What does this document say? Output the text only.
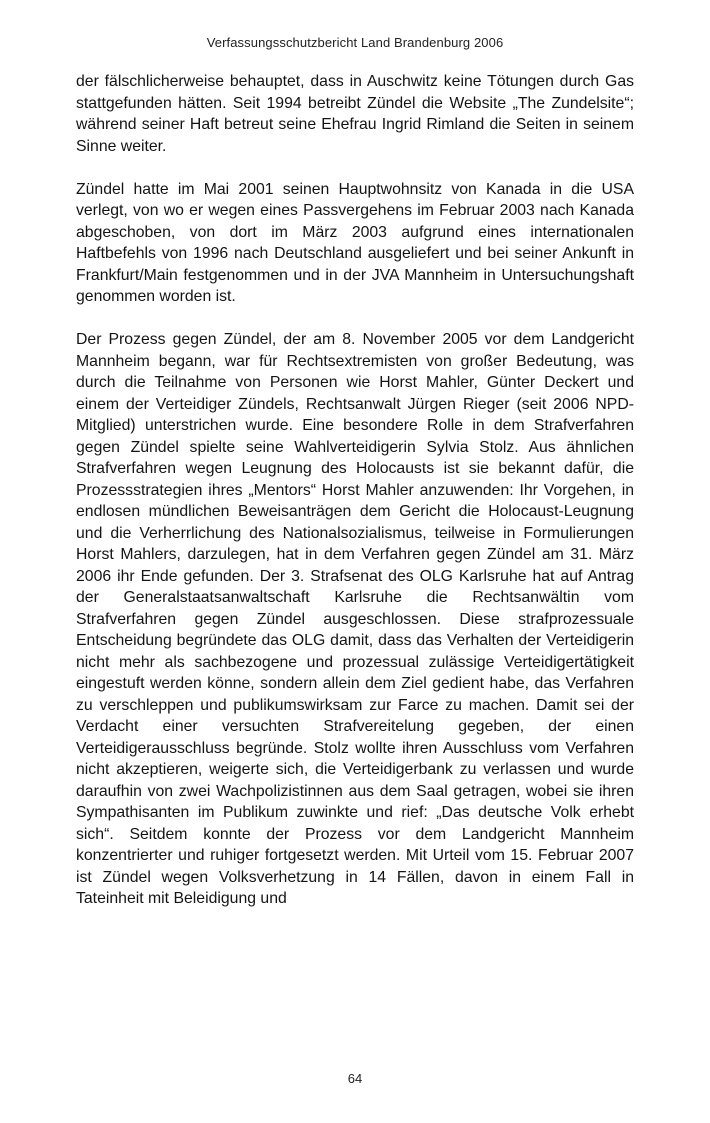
Verfassungsschutzbericht Land Brandenburg 2006

der fälschlicherweise behauptet, dass in Auschwitz keine Tötungen durch Gas stattgefunden hätten. Seit 1994 betreibt Zündel die Website „The Zundelsite“; während seiner Haft betreut seine Ehefrau Ingrid Rimland die Seiten in seinem Sinne weiter.

Zündel hatte im Mai 2001 seinen Hauptwohnsitz von Kanada in die USA verlegt, von wo er wegen eines Passvergehens im Februar 2003 nach Kanada abgeschoben, von dort im März 2003 aufgrund eines internationalen Haftbefehls von 1996 nach Deutschland ausgeliefert und bei seiner Ankunft in Frankfurt/Main festgenommen und in der JVA Mannheim in Untersuchungshaft genommen worden ist.

Der Prozess gegen Zündel, der am 8. November 2005 vor dem Landgericht Mannheim begann, war für Rechtsextremisten von großer Bedeutung, was durch die Teilnahme von Personen wie Horst Mahler, Günter Deckert und einem der Verteidiger Zündels, Rechtsanwalt Jürgen Rieger (seit 2006 NPD-Mitglied) unterstrichen wurde. Eine besondere Rolle in dem Strafverfahren gegen Zündel spielte seine Wahlverteidigerin Sylvia Stolz. Aus ähnlichen Strafverfahren wegen Leugnung des Holocausts ist sie bekannt dafür, die Prozessstrategien ihres „Mentors“ Horst Mahler anzuwenden: Ihr Vorgehen, in endlosen mündlichen Beweisanträgen dem Gericht die Holocaust-Leugnung und die Verherrlichung des Nationalsozialismus, teilweise in Formulierungen Horst Mahlers, darzulegen, hat in dem Verfahren gegen Zündel am 31. März 2006 ihr Ende gefunden. Der 3. Strafsenat des OLG Karlsruhe hat auf Antrag der Generalstaatsanwaltschaft Karlsruhe die Rechtsanwältin vom Strafverfahren gegen Zündel ausgeschlossen. Diese strafprozessuale Entscheidung begründete das OLG damit, dass das Verhalten der Verteidigerin nicht mehr als sachbezogene und prozessual zulässige Verteidigertätigkeit eingestuft werden könne, sondern allein dem Ziel gedient habe, das Verfahren zu verschleppen und publikumswirksam zur Farce zu machen. Damit sei der Verdacht einer versuchten Strafvereitelung gegeben, der einen Verteidigerausschluss begründe. Stolz wollte ihren Ausschluss vom Verfahren nicht akzeptieren, weigerte sich, die Verteidigerbank zu verlassen und wurde daraufhin von zwei Wachpolizistinnen aus dem Saal getragen, wobei sie ihren Sympathisanten im Publikum zuwinkte und rief: „Das deutsche Volk erhebt sich“. Seitdem konnte der Prozess vor dem Landgericht Mannheim konzentrierter und ruhiger fortgesetzt werden. Mit Urteil vom 15. Februar 2007 ist Zündel wegen Volksverhetzung in 14 Fällen, davon in einem Fall in Tateinheit mit Beleidigung und

64
